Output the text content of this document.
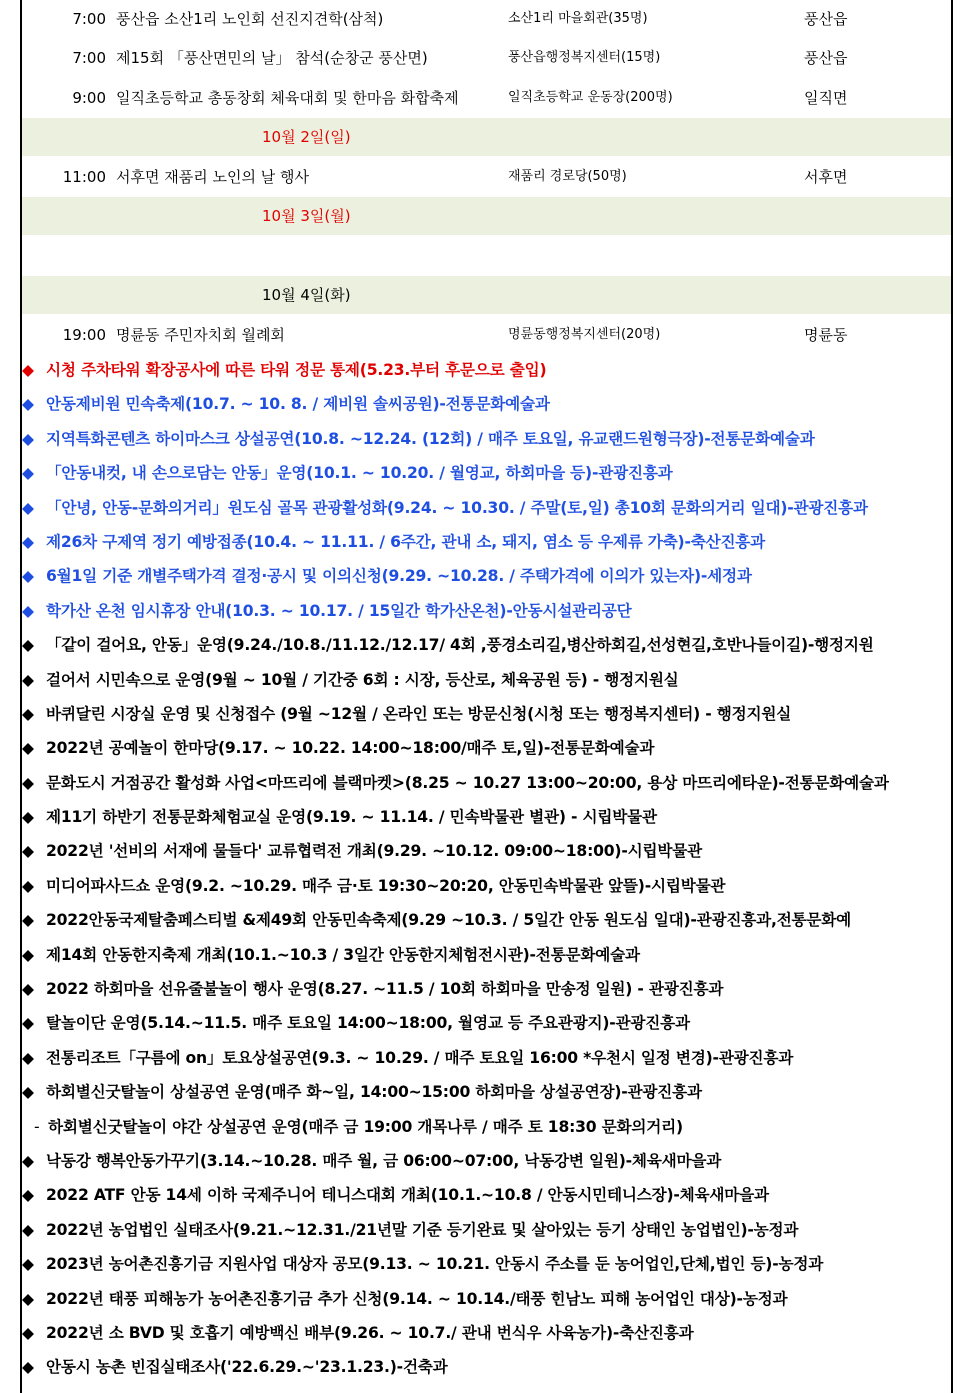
7:00 풍산읍 소산1리 노인회 선진지견학(삼척)	소산1리 마을회관(35명)	풍산읍
7:00 제15회 「풍산면민의 날」 참석(순창군 풍산면)	풍산읍행정복지센터(15명)	풍산읍
9:00 일직초등학교 총동창회 체육대회 및 한마음 화합축제	일직초등학교 운동장(200명)	일직면
10월 2일(일)
11:00 서후면 재품리 노인의 날 행사	재품리 경로당(50명)	서후면
10월 3일(월)
10월 4일(화)
19:00 명륜동 주민자치회 월례회	명륜동행정복지센터(20명)	명륜동
◆ 시청 주차타워 확장공사에 따른 타워 정문 통제(5.23.부터 후문으로 출입)
◆ 안동제비원 민속축제(10.7. ~ 10. 8. / 제비원 솔씨공원)-전통문화예술과
◆ 지역특화콘텐츠 하이마스크 상설공연(10.8. ~12.24. (12회) / 매주 토요일, 유교랜드원형극장)-전통문화예술과
◆ 「안동내컷, 내 손으로담는 안동」운영(10.1. ~ 10.20. / 월영교, 하회마을 등)-관광진흥과
◆ 「안녕, 안동-문화의거리」원도심 골목 관광활성화(9.24. ~ 10.30. / 주말(토,일) 총10회 문화의거리 일대)-관광진흥과
◆ 제26차 구제역 정기 예방접종(10.4. ~ 11.11. / 6주간, 관내 소, 돼지, 염소 등 우제류 가축)-축산진흥과
◆ 6월1일 기준 개별주택가격 결정·공시 및 이의신청(9.29. ~10.28. / 주택가격에 이의가 있는자)-세정과
◆ 학가산 온천 임시휴장 안내(10.3. ~ 10.17. / 15일간 학가산온천)-안동시설관리공단
◆ 「같이 걸어요, 안동」운영(9.24./10.8./11.12./12.17/ 4회 ,풍경소리길,병산하회길,선성현길,호반나들이길)-행정지원
◆ 걸어서 시민속으로 운영(9월 ~ 10월 / 기간중 6회 : 시장, 등산로, 체육공원 등) - 행정지원실
◆ 바퀴달린 시장실 운영 및 신청접수 (9월 ~12월 / 온라인 또는 방문신청(시청 또는 행정복지센터) - 행정지원실
◆ 2022년 공예놀이 한마당(9.17. ~ 10.22. 14:00~18:00/매주 토,일)-전통문화예술과
◆ 문화도시 거점공간 활성화 사업<마뜨리에 블랙마켓>(8.25 ~ 10.27 13:00~20:00, 용상 마뜨리에타운)-전통문화예술과
◆ 제11기 하반기 전통문화체험교실 운영(9.19. ~ 11.14. / 민속박물관 별관) - 시립박물관
◆ 2022년 '선비의 서재에 물들다' 교류협력전 개최(9.29. ~10.12. 09:00~18:00)-시립박물관
◆ 미디어파사드쇼 운영(9.2. ~10.29. 매주 금·토 19:30~20:20, 안동민속박물관 앞뜰)-시립박물관
◆ 2022안동국제탈춤페스티벌 &제49회 안동민속축제(9.29 ~10.3. / 5일간 안동 원도심 일대)-관광진흥과,전통문화예
◆ 제14회 안동한지축제 개최(10.1.~10.3 / 3일간 안동한지체험전시관)-전통문화예술과
◆ 2022 하회마을 선유줄불놀이 행사 운영(8.27. ~11.5 / 10회 하회마을 만송정 일원) - 관광진흥과
◆ 탈놀이단 운영(5.14.~11.5. 매주 토요일 14:00~18:00, 월영교 등 주요관광지)-관광진흥과
◆ 전통리조트「구름에 on」토요상설공연(9.3. ~ 10.29. / 매주 토요일 16:00 *우천시 일정 변경)-관광진흥과
◆ 하회별신굿탈놀이 상설공연 운영(매주 화~일, 14:00~15:00 하회마을 상설공연장)-관광진흥과
- 하회별신굿탈놀이 야간 상설공연 운영(매주 금 19:00 개목나루 / 매주 토 18:30 문화의거리)
◆ 낙동강 행복안동가꾸기(3.14.~10.28. 매주 월, 금 06:00~07:00, 낙동강변 일원)-체육새마을과
◆ 2022 ATF 안동 14세 이하 국제주니어 테니스대회 개최(10.1.~10.8 / 안동시민테니스장)-체육새마을과
◆ 2022년 농업법인 실태조사(9.21.~12.31./21년말 기준 등기완료 및 살아있는 등기 상태인 농업법인)-농정과
◆ 2023년 농어촌진흥기금 지원사업 대상자 공모(9.13. ~ 10.21. 안동시 주소를 둔 농어업인,단체,법인 등)-농정과
◆ 2022년 태풍 피해농가 농어촌진흥기금 추가 신청(9.14. ~ 10.14./태풍 힌남노 피해 농어업인 대상)-농정과
◆ 2022년 소 BVD 및 호흡기 예방백신 배부(9.26. ~ 10.7./ 관내 번식우 사육농가)-축산진흥과
◆ 안동시 농촌 빈집실태조사('22.6.29.~'23.1.23.)-건축과
